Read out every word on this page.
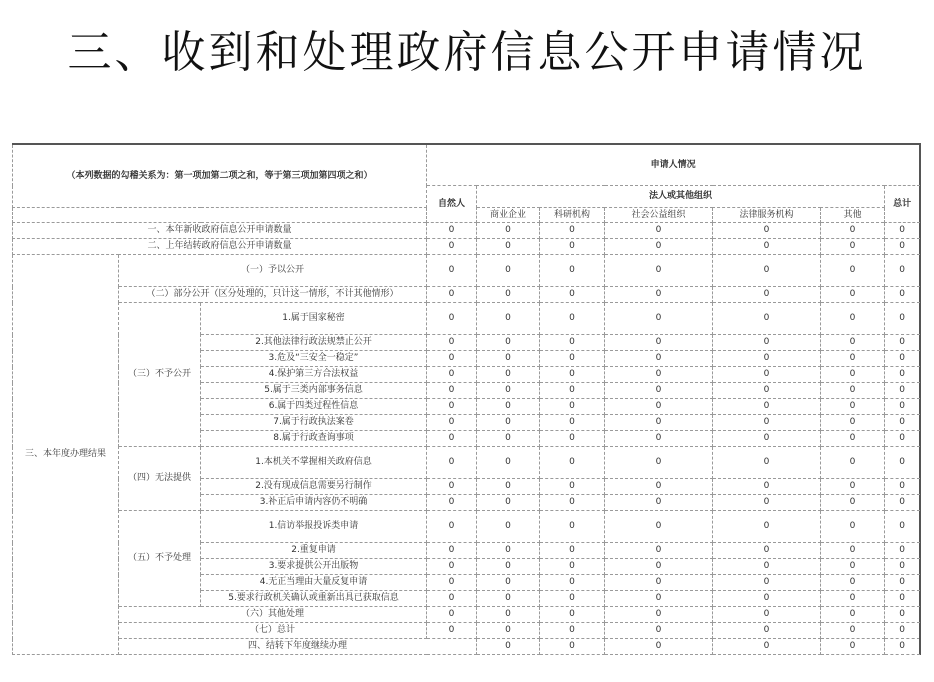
三、收到和处理政府信息公开申请情况
（本列数据的勾稽关系为：第一项加第二项之和，等于第三项加第四项之和）			申请人情况							
			自然人	法人或其他组织					总计	
				商业企业	科研机构	社会公益组织	法律服务机构	其他		
一、本年新收政府信息公开申请数量			0	0	0	0	0	0	0	
二、上年结转政府信息公开申请数量			0	0	0	0	0	0	0	
三、本年度办理结果	（一）予以公开		0	0	0	0	0	0	0	
	（二）部分公开（区分处理的，只计这一情形，不计其他情形）		0	0	0	0	0	0	0	
	（三）不予公开	1.属于国家秘密	0	0	0	0	0	0	0	
		2.其他法律行政法规禁止公开	0	0	0	0	0	0	0	
		3.危及“三安全一稳定”	0	0	0	0	0	0	0	
		4.保护第三方合法权益	0	0	0	0	0	0	0	
		5.属于三类内部事务信息	0	0	0	0	0	0	0	
		6.属于四类过程性信息	0	0	0	0	0	0	0	
		7.属于行政执法案卷	0	0	0	0	0	0	0	
		8.属于行政查询事项	0	0	0	0	0	0	0	
	（四）无法提供	1.本机关不掌握相关政府信息	0	0	0	0	0	0	0	
		2.没有现成信息需要另行制作	0	0	0	0	0	0	0	
		3.补正后申请内容仍不明确	0	0	0	0	0	0	0	
	（五）不予处理	1.信访举报投诉类申请	0	0	0	0	0	0	0	
		2.重复申请	0	0	0	0	0	0	0	
		3.要求提供公开出版物	0	0	0	0	0	0	0	
		4.无正当理由大量反复申请	0	0	0	0	0	0	0	
		5.要求行政机关确认或重新出具已获取信息	0	0	0	0	0	0	0	
	（六）其他处理		0	0	0	0	0	0	0	
	（七）总计		0	0	0	0	0	0	0	
	四、结转下年度继续办理			0	0	0	0	0	0	
